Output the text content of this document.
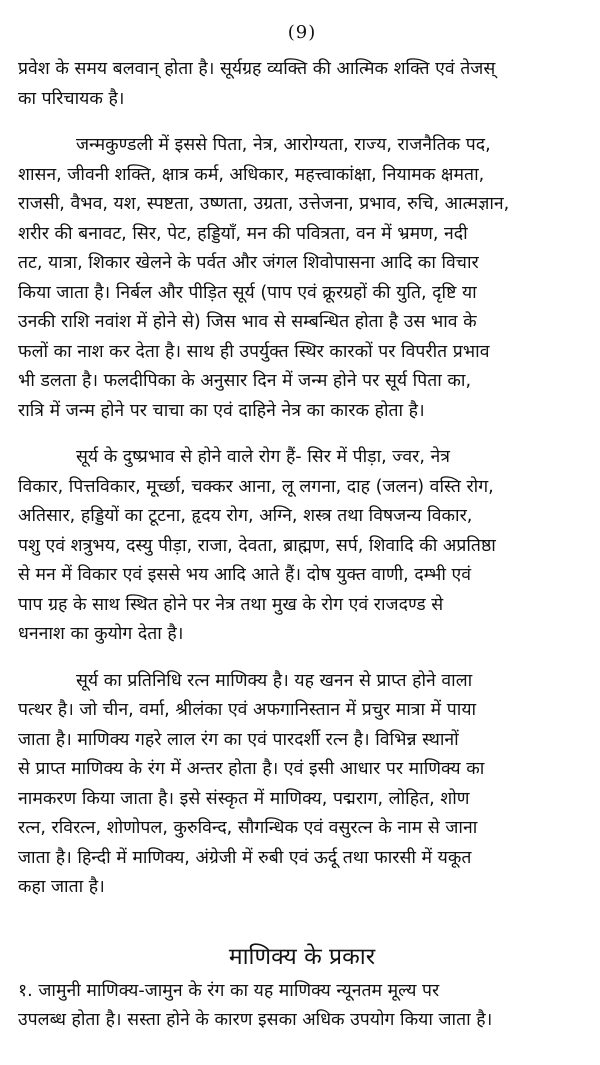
(9)

प्रवेश के समय बलवान् होता है। सूर्यग्रह व्यक्ति की आत्मिक शक्ति एवं तेजस्
का परिचायक है।

जन्मकुण्डली में इससे पिता, नेत्र, आरोग्यता, राज्य, राजनैतिक पद,
शासन, जीवनी शक्ति, क्षात्र कर्म, अधिकार, महत्त्वाकांक्षा, नियामक क्षमता,
राजसी, वैभव, यश, स्पष्टता, उष्णता, उग्रता, उत्तेजना, प्रभाव, रुचि, आत्मज्ञान,
शरीर की बनावट, सिर, पेट, हड्डियाँ, मन की पवित्रता, वन में भ्रमण, नदी
तट, यात्रा, शिकार खेलने के पर्वत और जंगल शिवोपासना आदि का विचार
किया जाता है। निर्बल और पीड़ित सूर्य (पाप एवं क्रूरग्रहों की युति, दृष्टि या
उनकी राशि नवांश में होने से) जिस भाव से सम्बन्धित होता है उस भाव के
फलों का नाश कर देता है। साथ ही उपर्युक्त स्थिर कारकों पर विपरीत प्रभाव
भी डलता है। फलदीपिका के अनुसार दिन में जन्म होने पर सूर्य पिता का,
रात्रि में जन्म होने पर चाचा का एवं दाहिने नेत्र का कारक होता है।

सूर्य के दुष्प्रभाव से होने वाले रोग हैं- सिर में पीड़ा, ज्वर, नेत्र
विकार, पित्तविकार, मूर्च्छा, चक्कर आना, लू लगना, दाह (जलन) वस्ति रोग,
अतिसार, हड्डियों का टूटना, हृदय रोग, अग्नि, शस्त्र तथा विषजन्य विकार,
पशु एवं शत्रुभय, दस्यु पीड़ा, राजा, देवता, ब्राह्मण, सर्प, शिवादि की अप्रतिष्ठा
से मन में विकार एवं इससे भय आदि आते हैं। दोष युक्त वाणी, दम्भी एवं
पाप ग्रह के साथ स्थित होने पर नेत्र तथा मुख के रोग एवं राजदण्ड से
धननाश का कुयोग देता है।

सूर्य का प्रतिनिधि रत्न माणिक्य है। यह खनन से प्राप्त होने वाला
पत्थर है। जो चीन, वर्मा, श्रीलंका एवं अफगानिस्तान में प्रचुर मात्रा में पाया
जाता है। माणिक्य गहरे लाल रंग का एवं पारदर्शी रत्न है। विभिन्न स्थानों
से प्राप्त माणिक्य के रंग में अन्तर होता है। एवं इसी आधार पर माणिक्य का
नामकरण किया जाता है। इसे संस्कृत में माणिक्य, पद्मराग, लोहित, शोण
रत्न, रविरत्न, शोणोपल, कुरुविन्द, सौगन्धिक एवं वसुरत्न के नाम से जाना
जाता है। हिन्दी में माणिक्य, अंग्रेजी में रुबी एवं ऊर्दू तथा फारसी में यकूत
कहा जाता है।

माणिक्य के प्रकार

१. जामुनी माणिक्य-जामुन के रंग का यह माणिक्य न्यूनतम मूल्य पर
उपलब्ध होता है। सस्ता होने के कारण इसका अधिक उपयोग किया जाता है।
